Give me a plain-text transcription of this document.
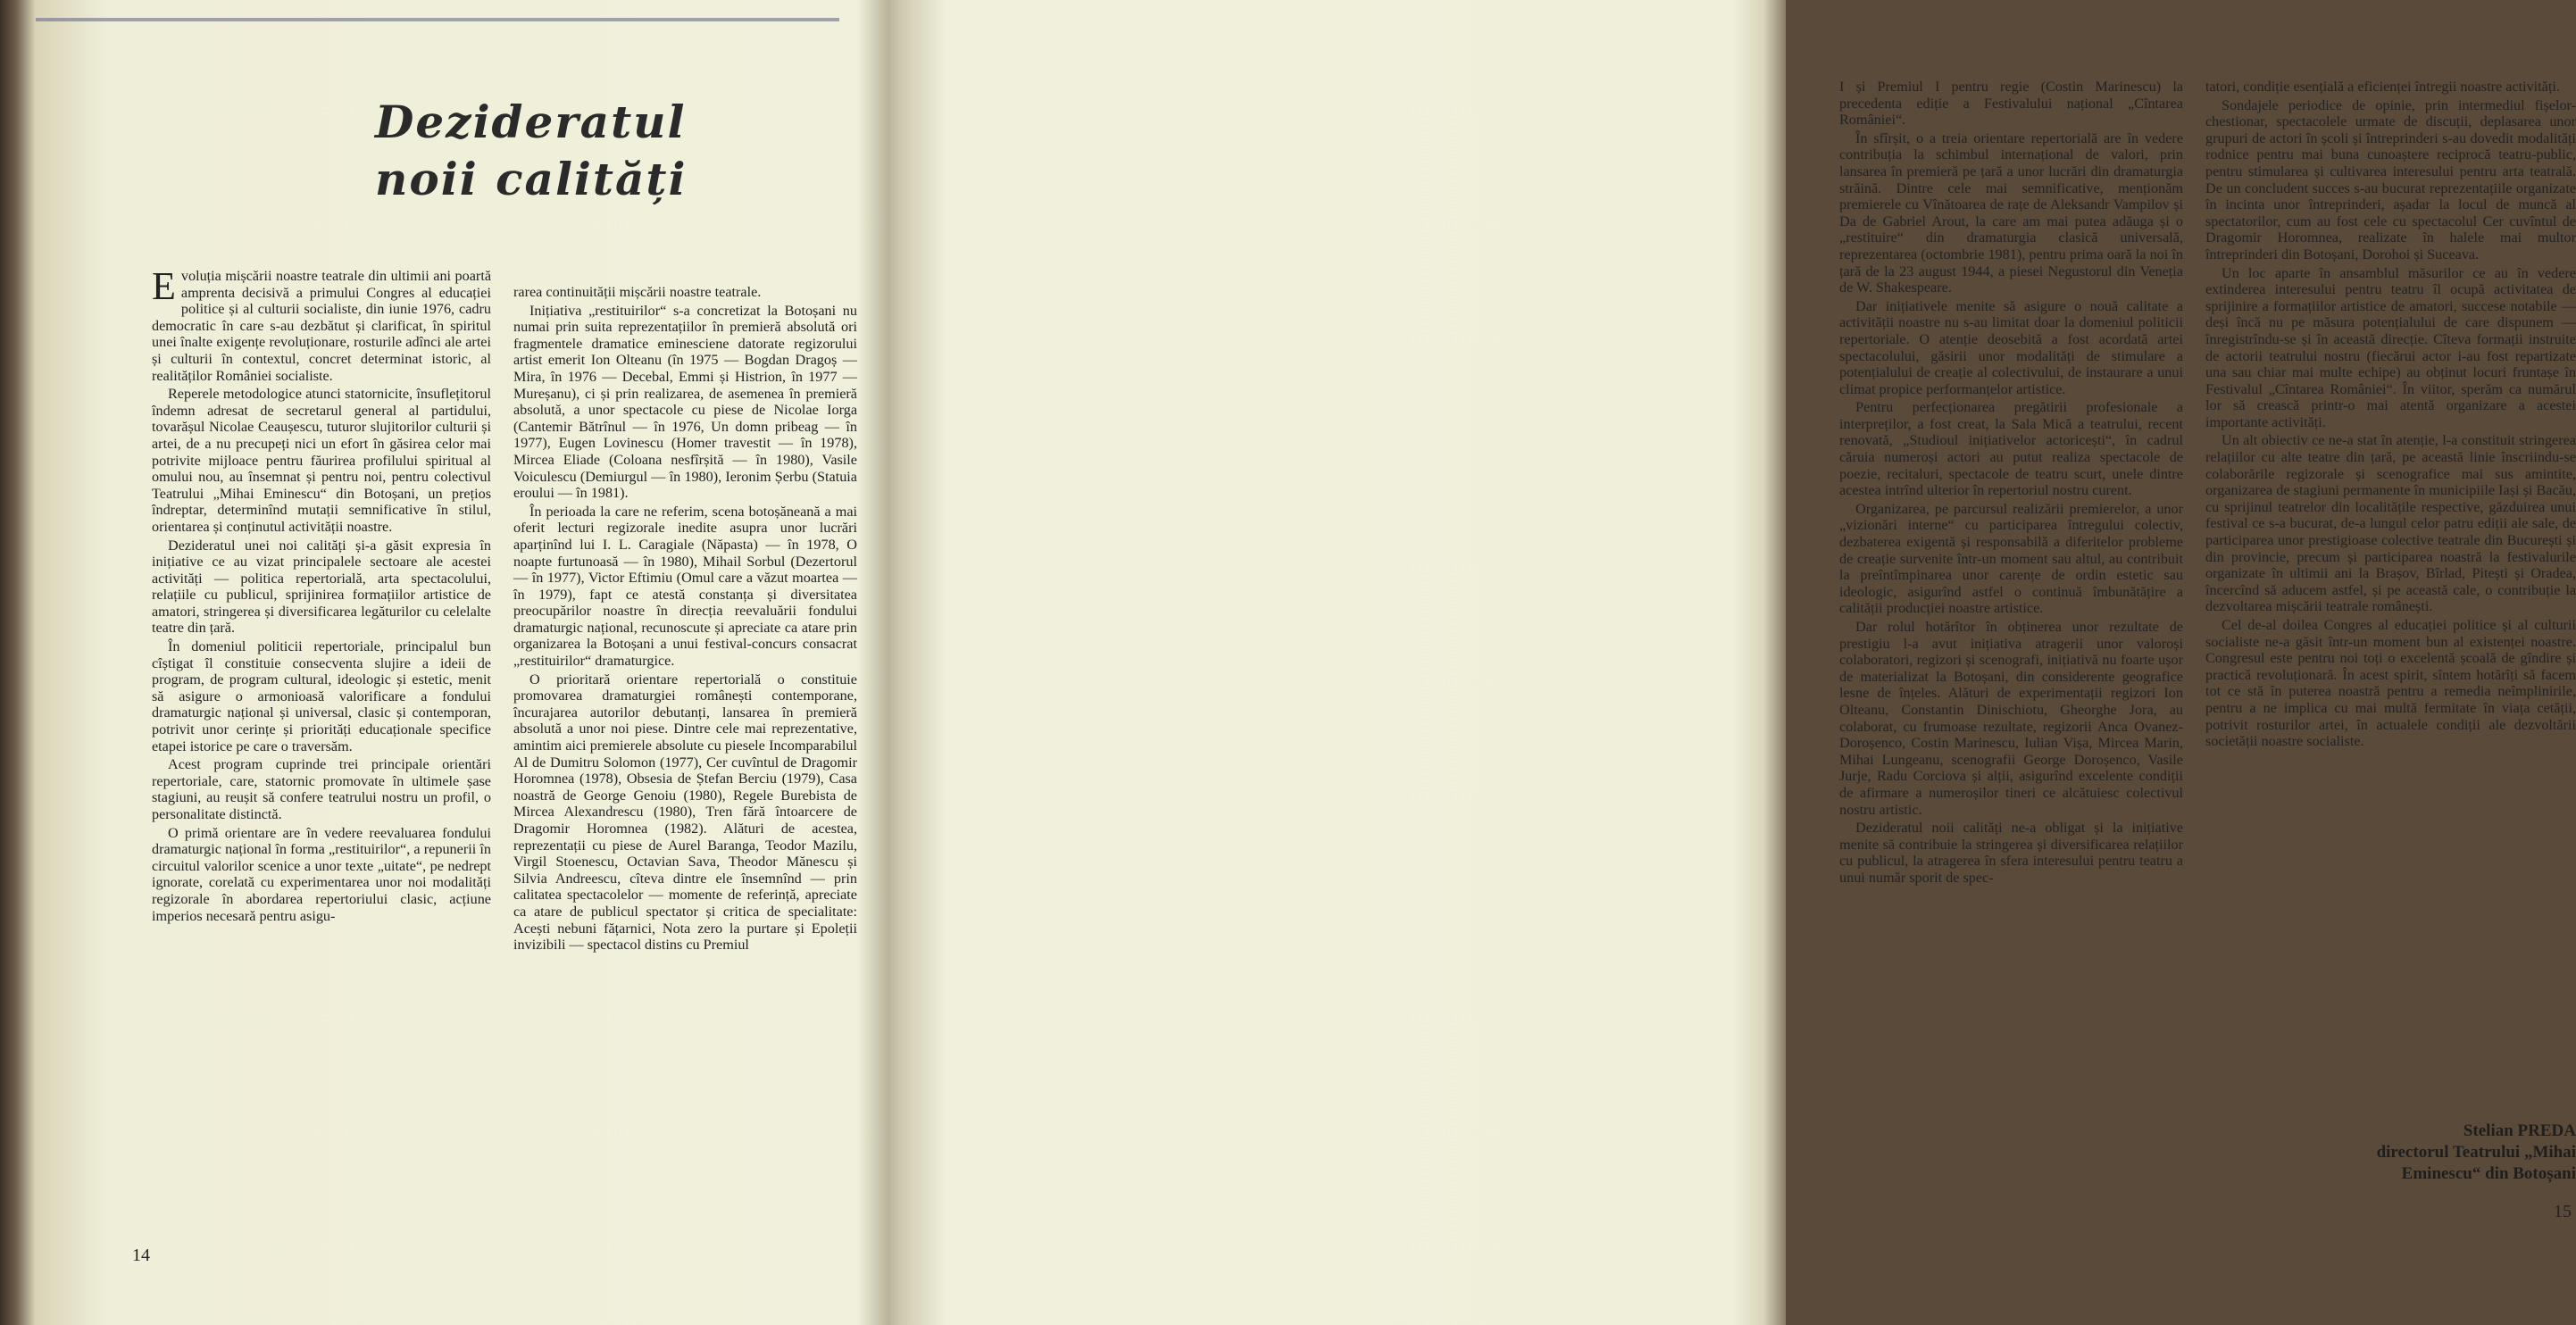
Dezideratul
noii calități
E voluția mișcării noastre teatrale din ultimii ani poartă amprenta decisivă a primului Congres al educației politice și al culturii socialiste, din iunie 1976, cadru democratic în care s-au dezbătut și clarificat, în spiritul unei înalte exigențe revoluționare, rosturile adînci ale artei și culturii în contextul, concret determinat istoric, al realităților României socialiste.

Reperele metodologice atunci statornicite, însuflețitorul îndemn adresat de secretarul general al partidului, tovarășul Nicolae Ceaușescu, tuturor slujitorilor culturii și artei, de a nu precupeți nici un efort în găsirea celor mai potrivite mijloace pentru făurirea profilului spiritual al omului nou, au însemnat și pentru noi, pentru colectivul Teatrului „Mihai Eminescu“ din Botoșani, un prețios îndreptar, determinînd mutații semnificative în stilul, orientarea și conținutul activității noastre.

Dezideratul unei noi calități și-a găsit expresia în inițiative ce au vizat principalele sectoare ale acestei activități — politica repertorială, arta spectacolului, relațiile cu publicul, sprijinirea formațiilor artistice de amatori, stringerea și diversificarea legăturilor cu celelalte teatre din țară.

În domeniul politicii repertoriale, principalul bun cîștigat îl constituie consecventa slujire a ideii de program, de program cultural, ideologic și estetic, menit să asigure o armonioasă valorificare a fondului dramaturgic național și universal, clasic și contemporan, potrivit unor cerințe și priorități educaționale specifice etapei istorice pe care o traversăm.

Acest program cuprinde trei principale orientări repertoriale, care, statornic promovate în ultimele șase stagiuni, au reușit să confere teatrului nostru un profil, o personalitate distinctă.

O primă orientare are în vedere reevaluarea fondului dramaturgic național în forma „restituirilor“, a repunerii în circuitul valorilor scenice a unor texte „uitate“, pe nedrept ignorate, corelată cu experimentarea unor noi modalități regizorale în abordarea repertoriului clasic, acțiune imperios necesară pentru asigu-

rarea continuității mișcării noastre teatrale.

Inițiativa „restituirilor“ s-a concretizat la Botoșani nu numai prin suita reprezentațiilor în premieră absolută ori fragmentele dramatice eminesciene datorate regizorului artist emerit Ion Olteanu (în 1975 — Bogdan Dragoș — Mira, în 1976 — Decebal, Emmi și Histrion, în 1977 — Mureșanu), ci și prin realizarea, de asemenea în premieră absolută, a unor spectacole cu piese de Nicolae Iorga (Cantemir Bătrînul — în 1976, Un domn pribeag — în 1977), Eugen Lovinescu (Homer travestit — în 1978), Mircea Eliade (Coloana nesfîrșită — în 1980), Vasile Voiculescu (Demiurgul — în 1980), Ieronim Șerbu (Statuia eroului — în 1981).

În perioada la care ne referim, scena botoșăneană a mai oferit lecturi regizorale inedite asupra unor lucrări aparținînd lui I. L. Caragiale (Năpasta) — în 1978, O noapte furtunoasă — în 1980), Mihail Sorbul (Dezertorul — în 1977), Victor Eftimiu (Omul care a văzut moartea — în 1979), fapt ce atestă constanța și diversitatea preocupărilor noastre în direcția reevaluării fondului dramaturgic național, recunoscute și apreciate ca atare prin organizarea la Botoșani a unui festival-concurs consacrat „restituirilor“ dramaturgice.

O prioritară orientare repertorială o constituie promovarea dramaturgiei românești contemporane, încurajarea autorilor debutanți, lansarea în premieră absolută a unor noi piese. Dintre cele mai reprezentative, amintim aici premierele absolute cu piesele Incomparabilul Al de Dumitru Solomon (1977), Cer cuvîntul de Dragomir Horomnea (1978), Obsesia de Ștefan Berciu (1979), Casa noastră de George Genoiu (1980), Regele Burebista de Mircea Alexandrescu (1980), Tren fără întoarcere de Dragomir Horomnea (1982). Alături de acestea, reprezentații cu piese de Aurel Baranga, Teodor Mazilu, Virgil Stoenescu, Octavian Sava, Theodor Mănescu și Silvia Andreescu, cîteva dintre ele însemnînd — prin calitatea spectacolelor — momente de referință, apreciate ca atare de publicul spectator și critica de specialitate: Acești nebuni fățarnici, Nota zero la purtare și Epoleții invizibili — spectacol distins cu Premiul

14

I și Premiul I pentru regie (Costin Marinescu) la precedenta ediție a Festivalului național „Cîntarea României“.

În sfîrșit, o a treia orientare repertorială are în vedere contribuția la schimbul internațional de valori, prin lansarea în premieră pe țară a unor lucrări din dramaturgia străină. Dintre cele mai semnificative, menționăm premierele cu Vînătoarea de rațe de Aleksandr Vampilov și Da de Gabriel Arout, la care am mai putea adăuga și o „restituire“ din dramaturgia clasică universală, reprezentarea (octombrie 1981), pentru prima oară la noi în țară de la 23 august 1944, a piesei Negustorul din Veneția de W. Shakespeare.

Dar inițiativele menite să asigure o nouă calitate a activității noastre nu s-au limitat doar la domeniul politicii repertoriale. O atenție deosebită a fost acordată artei spectacolului, găsirii unor modalități de stimulare a potențialului de creație al colectivului, de instaurare a unui climat propice performanțelor artistice.

Pentru perfecționarea pregătirii profesionale a interpreților, a fost creat, la Sala Mică a teatrului, recent renovată, „Studioul inițiativelor actoricești“, în cadrul căruia numeroși actori au putut realiza spectacole de poezie, recitaluri, spectacole de teatru scurt, unele dintre acestea intrînd ulterior în repertoriul nostru curent.

Organizarea, pe parcursul realizării premierelor, a unor „vizionări interne“ cu participarea întregului colectiv, dezbaterea exigentă și responsabilă a diferitelor probleme de creație survenite într-un moment sau altul, au contribuit la preîntîmpinarea unor carențe de ordin estetic sau ideologic, asigurînd astfel o continuă îmbunătățire a calității producției noastre artistice.

Dar rolul hotărîtor în obținerea unor rezultate de prestigiu l-a avut inițiativa atragerii unor valoroși colaboratori, regizori și scenografi, inițiativă nu foarte ușor de materializat la Botoșani, din considerente geografice lesne de înțeles. Alături de experimentații regizori Ion Olteanu, Constantin Dinischiotu, Gheorghe Jora, au colaborat, cu frumoase rezultate, regizorii Anca Ovanez-Doroșenco, Costin Marinescu, Iulian Vișa, Mircea Marin, Mihai Lungeanu, scenografii George Doroșenco, Vasile Jurje, Radu Corciova și alții, asigurînd excelente condiții de afirmare a numeroșilor tineri ce alcătuiesc colectivul nostru artistic.

Dezideratul noii calități ne-a obligat și la inițiative menite să contribuie la stringerea și diversificarea relațiilor cu publicul, la atragerea în sfera interesului pentru teatru a unui număr sporit de spec-

tatori, condiție esențială a eficienței întregii noastre activități.

Sondajele periodice de opinie, prin intermediul fișelor-chestionar, spectacolele urmate de discuții, deplasarea unor grupuri de actori în școli și întreprinderi s-au dovedit modalități rodnice pentru mai buna cunoaștere reciprocă teatru-public, pentru stimularea și cultivarea interesului pentru arta teatrală. De un concludent succes s-au bucurat reprezentațiile organizate în incinta unor întreprinderi, așadar la locul de muncă al spectatorilor, cum au fost cele cu spectacolul Cer cuvîntul de Dragomir Horomnea, realizate în halele mai multor întreprinderi din Botoșani, Dorohoi și Suceava.

Un loc aparte în ansamblul măsurilor ce au în vedere extinderea interesului pentru teatru îl ocupă activitatea de sprijinire a formațiilor artistice de amatori, succese notabile — deși încă nu pe măsura potențialului de care dispunem — înregistrîndu-se și în această direcție. Cîteva formații instruite de actorii teatrului nostru (fiecărui actor i-au fost repartizate una sau chiar mai multe echipe) au obținut locuri fruntașe în Festivalul „Cîntarea României“. În viitor, sperăm ca numărul lor să crească printr-o mai atentă organizare a acestei importante activități.

Un alt obiectiv ce ne-a stat în atenție, l-a constituit stringerea relațiilor cu alte teatre din țară, pe această linie înscriindu-se colaborările regizorale și scenografice mai sus amintite, organizarea de stagiuni permanente în municipiile Iași și Bacău, cu sprijinul teatrelor din localitățile respective, găzduirea unui festival ce s-a bucurat, de-a lungul celor patru ediții ale sale, de participarea unor prestigioase colective teatrale din București și din provincie, precum și participarea noastră la festivalurile organizate în ultimii ani la Brașov, Bîrlad, Pitești și Oradea, încercînd să aducem astfel, și pe această cale, o contribuție la dezvoltarea mișcării teatrale românești.

Cel de-al doilea Congres al educației politice și al culturii socialiste ne-a găsit într-un moment bun al existenței noastre. Congresul este pentru noi toți o excelentă școală de gîndire și practică revoluționară. În acest spirit, sîntem hotărîți să facem tot ce stă în puterea noastră pentru a remedia neîmplinirile, pentru a ne implica cu mai multă fermitate în viața cetății, potrivit rosturilor artei, în actualele condiții ale dezvoltării societății noastre socialiste.

Stelian PREDA
directorul Teatrului „Mihai
Eminescu“ din Botoșani
15
